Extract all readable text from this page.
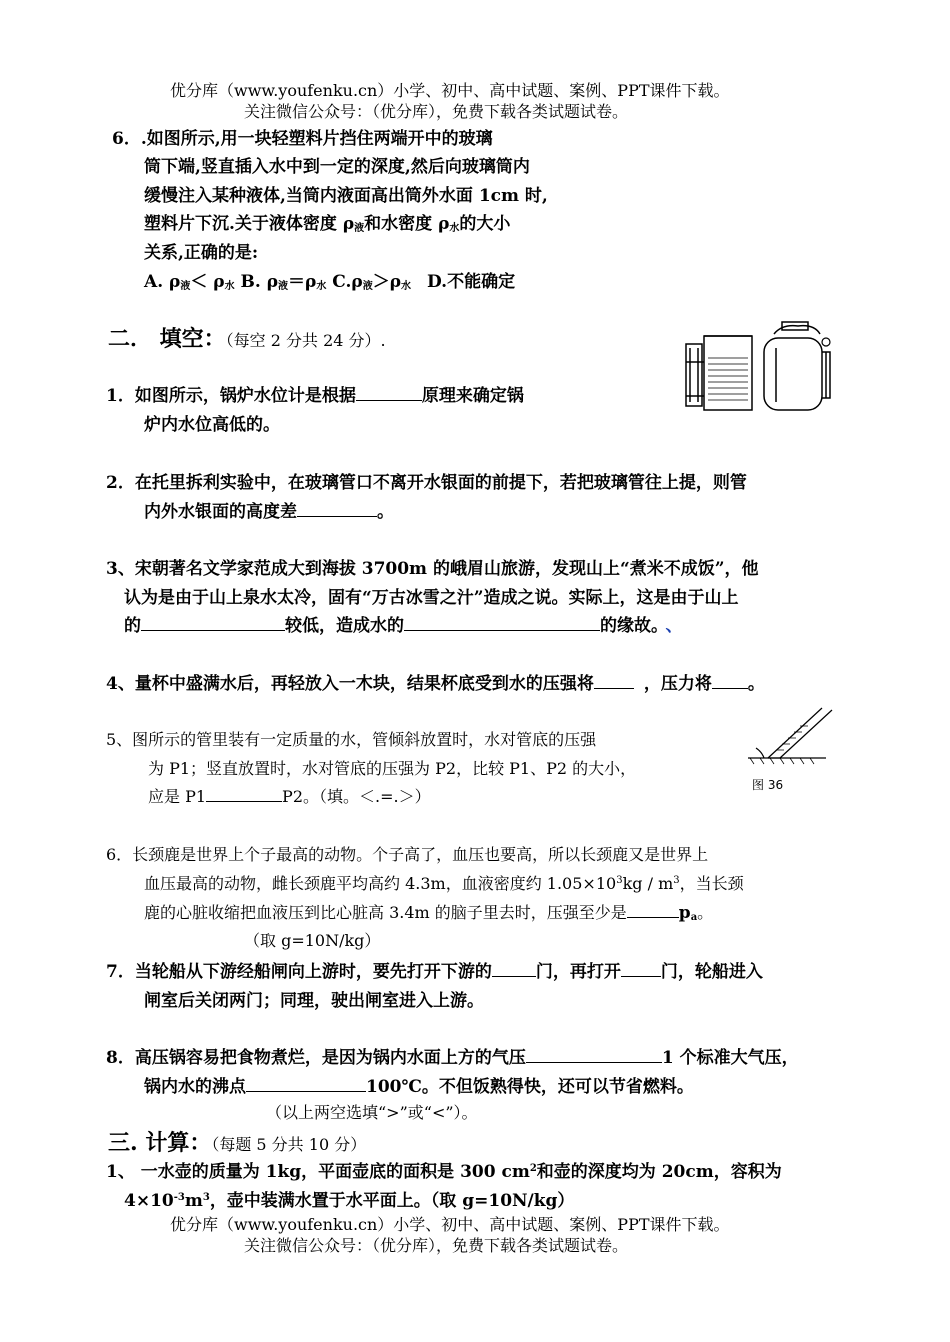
优分库（www.youfenku.cn）小学、初中、高中试题、案例、PPT课件下载。
关注微信公众号：（优分库），免费下载各类试题试卷。
6．.如图所示,用一块轻塑料片挡住两端开中的玻璃
筒下端,竖直插入水中到一定的深度,然后向玻璃筒内
缓慢注入某种液体,当筒内液面高出筒外水面 1cm 时,
塑料片下沉.关于液体密度 $\rho_液$和水密度 $\rho_水$的大小
关系,正确的是:
A. $\rho_液< \rho_水$ B. $\rho_液=\rho_水$ $C.\rho_液>\rho_水$ D.不能确定
二． 填空：（每空 2 分共 24 分）.
1．如图所示，锅炉水位计是根据	原理来确定锅
炉内水位高低的。
2．在托里拆利实验中，在玻璃管口不离开水银面的前提下，若把玻璃管往上提，则管
内外水银面的高度差	。
3、宋朝著名文学家范成大到海拔 3700m 的峨眉山旅游，发现山上“煮米不成饭”，他
认为是由于山上泉水太冷，固有“万古冰雪之汁”造成之说。实际上，这是由于山上
的	较低，造成水的	的缘故。 、
4、量杯中盛满水后，再轻放入一木块，结果杯底受到水的压强将	，压力将 。
5、图所示的管里装有一定质量的水，管倾斜放置时，水对管底的压强
为 P1；竖直放置时，水对管底的压强为 P2，比较 P1、P2 的大小，
应是 P1	P2。（填。＜.=.＞）
图 36
6．长颈鹿是世界上个子最高的动物。个子高了，血压也要高，所以长颈鹿又是世界上
血压最高的动物，雌长颈鹿平均高约 4.3m，血液密度约 $1.05\times 10^3kg / m^3$，当长颈
鹿的心脏收缩把血液压到比心脏高 3.4m 的脑子里去时，压强至少是	$p_a$。
（取 g=10N/kg）
7．当轮船从下游经船闸向上游时，要先打开下游的	门，再打开 门，轮船进入
闸室后关闭两门；同理，驶出闸室进入上游。
8．高压锅容易把食物煮烂，是因为锅内水面上方的气压	1 个标准大气压，
锅内水的沸点	100℃。不但饭熟得快，还可以节省燃料。
（以上两空选填“>”或“<”）。
三. 计算：（每题 5 分共 10 分）
1、 一水壶的质量为 1kg，平面壶底的面积是 300 $cm^2$和壶的深度均为 20cm，容积为
$4\times 10^{-3}m^3$，壶中装满水置于水平面上。（取 g=10N/kg）
优分库（www.youfenku.cn）小学、初中、高中试题、案例、PPT课件下载。
关注微信公众号：（优分库），免费下载各类试题试卷。
